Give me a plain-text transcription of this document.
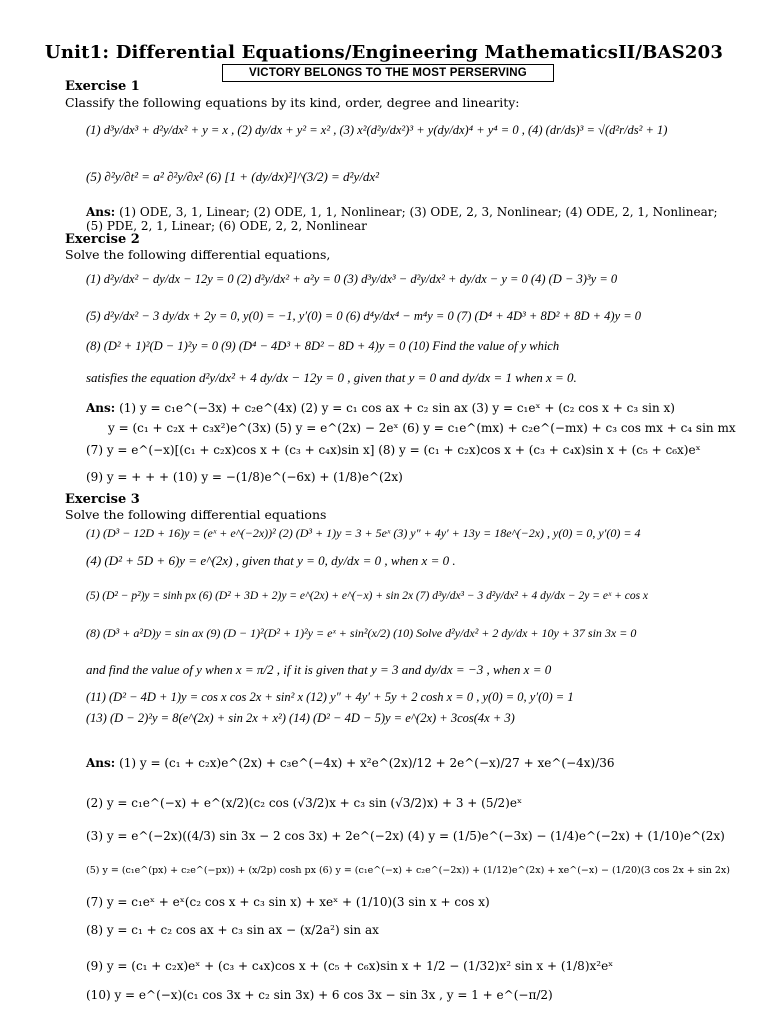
Unit1: Differential Equations/Engineering MathematicsII/BAS203
VICTORY BELONGS TO THE MOST PERSERVING
Exercise 1
Classify the following equations by its kind, order, degree and linearity:
(1) d³y/dx³ + d²y/dx² + y = x , (2) dy/dx + y² = x² , (3) x²(d²y/dx²)³ + y(dy/dx)⁴ + y⁴ = 0 , (4) (dr/ds)³ = √(d²r/ds² + 1)
(5) ∂²y/∂t² = a² ∂²y/∂x² (6) [1 + (dy/dx)²]^(3/2) = d²y/dx²
Ans: (1) ODE, 3, 1, Linear; (2) ODE, 1, 1, Nonlinear; (3) ODE, 2, 3, Nonlinear; (4) ODE, 2, 1, Nonlinear;
(5) PDE, 2, 1, Linear; (6) ODE, 2, 2, Nonlinear
Exercise 2
Solve the following differential equations,
(1) d²y/dx² − dy/dx − 12y = 0 (2) d²y/dx² + a²y = 0 (3) d³y/dx³ − d²y/dx² + dy/dx − y = 0 (4) (D − 3)³y = 0
(5) d²y/dx² − 3 dy/dx + 2y = 0, y(0) = −1, y′(0) = 0 (6) d⁴y/dx⁴ − m⁴y = 0 (7) (D⁴ + 4D³ + 8D² + 8D + 4)y = 0
(8) (D² + 1)²(D − 1)²y = 0 (9) (D⁴ − 4D³ + 8D² − 8D + 4)y = 0 (10) Find the value of y which
satisfies the equation d²y/dx² + 4 dy/dx − 12y = 0 , given that y = 0 and dy/dx = 1 when x = 0.
Ans: (1) y = c₁e^(−3x) + c₂e^(4x) (2) y = c₁ cos ax + c₂ sin ax (3) y = c₁eˣ + (c₂ cos x + c₃ sin x)
y = (c₁ + c₂x + c₃x²)e^(3x) (5) y = e^(2x) − 2eˣ (6) y = c₁e^(mx) + c₂e^(−mx) + c₃ cos mx + c₄ sin mx
(7) y = e^(−x)[(c₁ + c₂x)cos x + (c₃ + c₄x)sin x] (8) y = (c₁ + c₂x)cos x + (c₃ + c₄x)sin x + (c₅ + c₆x)eˣ
(9) y = + + + (10) y = −(1/8)e^(−6x) + (1/8)e^(2x)
Exercise 3
Solve the following differential equations
(1) (D³ − 12D + 16)y = (eˣ + e^(−2x))² (2) (D³ + 1)y = 3 + 5eˣ (3) y″ + 4y′ + 13y = 18e^(−2x) , y(0) = 0, y′(0) = 4
(4) (D² + 5D + 6)y = e^(2x) , given that y = 0, dy/dx = 0 , when x = 0 .
(5) (D² − p²)y = sinh px (6) (D² + 3D + 2)y = e^(2x) + e^(−x) + sin 2x (7) d³y/dx³ − 3 d²y/dx² + 4 dy/dx − 2y = eˣ + cos x
(8) (D³ + a²D)y = sin ax (9) (D − 1)²(D² + 1)²y = eˣ + sin²(x/2) (10) Solve d²y/dx² + 2 dy/dx + 10y + 37 sin 3x = 0
and find the value of y when x = π/2 , if it is given that y = 3 and dy/dx = −3 , when x = 0
(11) (D² − 4D + 1)y = cos x cos 2x + sin² x (12) y″ + 4y′ + 5y + 2 cosh x = 0 , y(0) = 0, y′(0) = 1
(13) (D − 2)²y = 8(e^(2x) + sin 2x + x²) (14) (D² − 4D − 5)y = e^(2x) + 3cos(4x + 3)
Ans: (1) y = (c₁ + c₂x)e^(2x) + c₃e^(−4x) + x²e^(2x)/12 + 2e^(−x)/27 + xe^(−4x)/36
(2) y = c₁e^(−x) + e^(x/2)(c₂ cos (√3/2)x + c₃ sin (√3/2)x) + 3 + (5/2)eˣ
(3) y = e^(−2x)((4/3) sin 3x − 2 cos 3x) + 2e^(−2x) (4) y = (1/5)e^(−3x) − (1/4)e^(−2x) + (1/10)e^(2x)
(5) y = (c₁e^(px) + c₂e^(−px)) + (x/2p) cosh px (6) y = (c₁e^(−x) + c₂e^(−2x)) + (1/12)e^(2x) + xe^(−x) − (1/20)(3 cos 2x + sin 2x)
(7) y = c₁eˣ + eˣ(c₂ cos x + c₃ sin x) + xeˣ + (1/10)(3 sin x + cos x)
(8) y = c₁ + c₂ cos ax + c₃ sin ax − (x/2a²) sin ax
(9) y = (c₁ + c₂x)eˣ + (c₃ + c₄x)cos x + (c₅ + c₆x)sin x + 1/2 − (1/32)x² sin x + (1/8)x²eˣ
(10) y = e^(−x)(c₁ cos 3x + c₂ sin 3x) + 6 cos 3x − sin 3x , y = 1 + e^(−π/2)
